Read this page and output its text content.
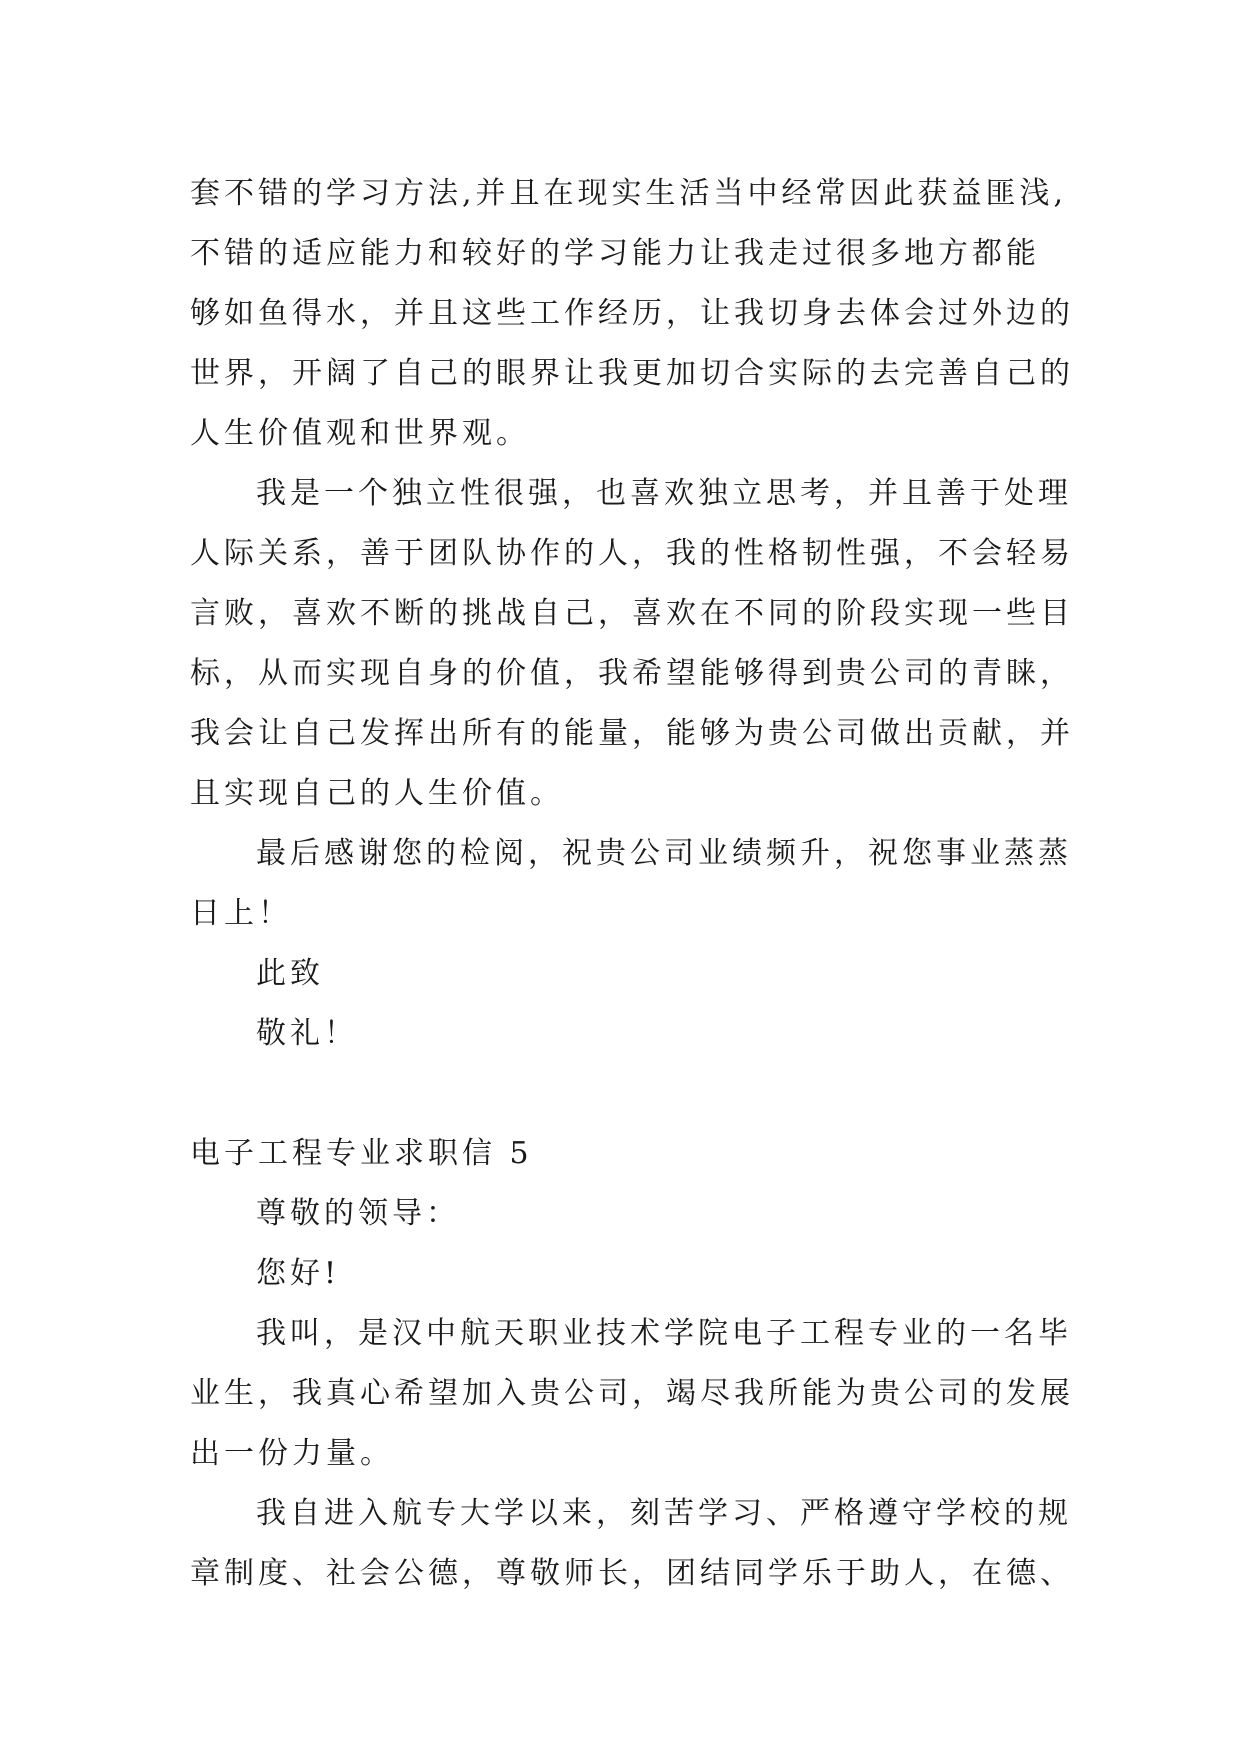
套不错的学习方法,并且在现实生活当中经常因此获益匪浅,
不错的适应能力和较好的学习能力让我走过很多地方都能
够如鱼得水，并且这些工作经历，让我切身去体会过外边的
世界，开阔了自己的眼界让我更加切合实际的去完善自己的
人生价值观和世界观。
我是一个独立性很强，也喜欢独立思考，并且善于处理
人际关系，善于团队协作的人，我的性格韧性强，不会轻易
言败，喜欢不断的挑战自己，喜欢在不同的阶段实现一些目
标，从而实现自身的价值，我希望能够得到贵公司的青睐，
我会让自己发挥出所有的能量，能够为贵公司做出贡献，并
且实现自己的人生价值。
最后感谢您的检阅，祝贵公司业绩频升，祝您事业蒸蒸
日上！
此致
敬礼！
电子工程专业求职信 5
尊敬的领导：
您好!
我叫，是汉中航天职业技术学院电子工程专业的一名毕
业生，我真心希望加入贵公司，竭尽我所能为贵公司的发展
出一份力量。
我自进入航专大学以来，刻苦学习、严格遵守学校的规
章制度、社会公德，尊敬师长，团结同学乐于助人，在德、
